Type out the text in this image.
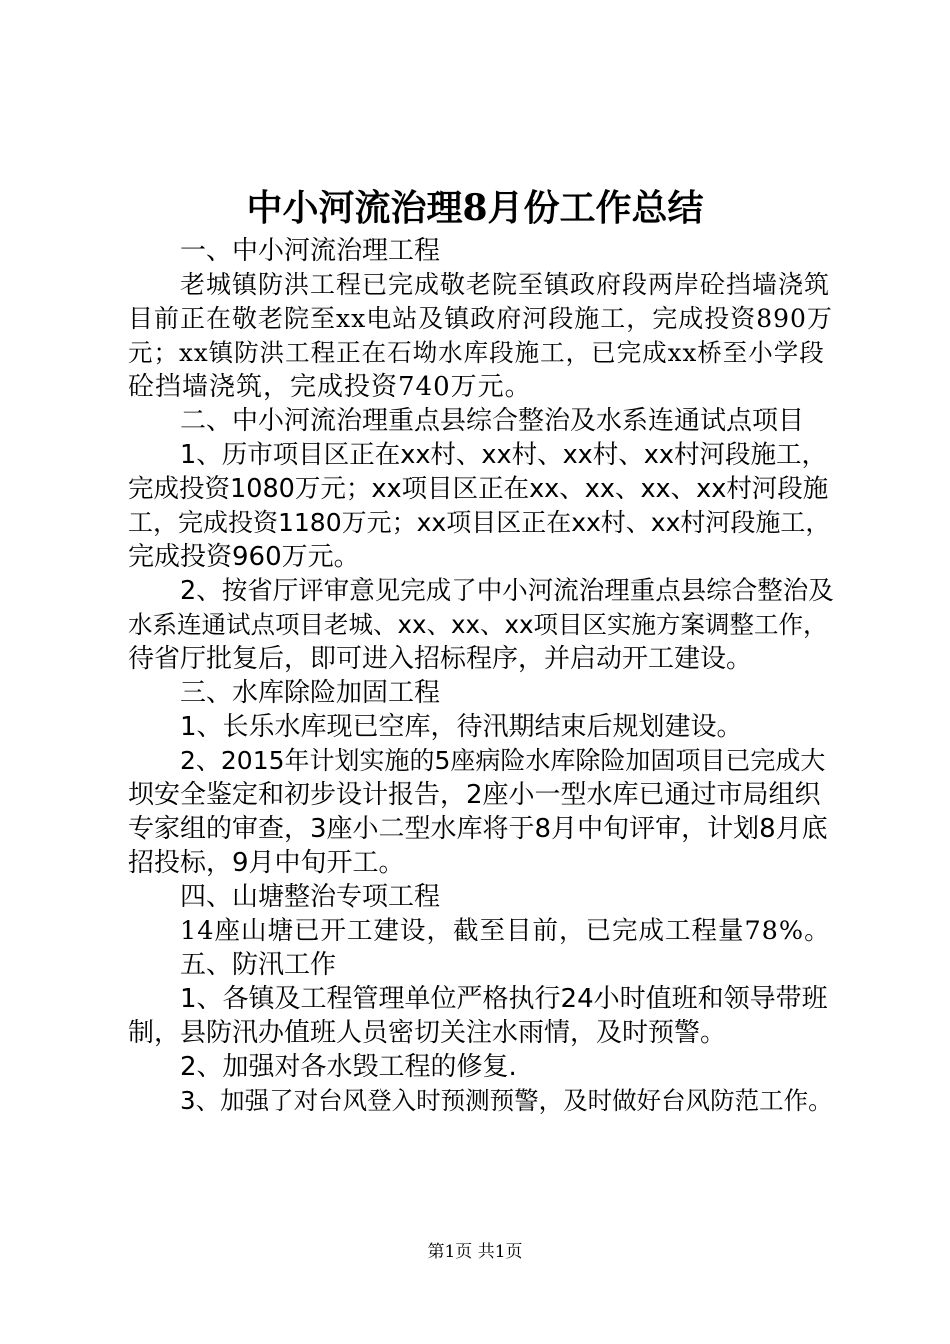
中小河流治理8月份工作总结
一、中小河流治理工程
老城镇防洪工程已完成敬老院至镇政府段两岸砼挡墙浇筑
目前正在敬老院至xx电站及镇政府河段施工，完成投资890万
元；xx镇防洪工程正在石坳水库段施工，已完成xx桥至小学段
砼挡墙浇筑，完成投资740万元。
二、中小河流治理重点县综合整治及水系连通试点项目
1、历市项目区正在xx村、xx村、xx村、xx村河段施工，
完成投资1080万元；xx项目区正在xx、xx、xx、xx村河段施
工，完成投资1180万元；xx项目区正在xx村、xx村河段施工，
完成投资960万元。
2、按省厅评审意见完成了中小河流治理重点县综合整治及
水系连通试点项目老城、xx、xx、xx项目区实施方案调整工作，
待省厅批复后，即可进入招标程序，并启动开工建设。
三、水库除险加固工程
1、长乐水库现已空库，待汛期结束后规划建设。
2、2015年计划实施的5座病险水库除险加固项目已完成大
坝安全鉴定和初步设计报告，2座小一型水库已通过市局组织
专家组的审查，3座小二型水库将于8月中旬评审，计划8月底
招投标，9月中旬开工。
四、山塘整治专项工程
14座山塘已开工建设，截至目前，已完成工程量78%。
五、防汛工作
1、各镇及工程管理单位严格执行24小时值班和领导带班
制，县防汛办值班人员密切关注水雨情，及时预警。
2、加强对各水毁工程的修复.
3、加强了对台风登入时预测预警，及时做好台风防范工作。
第1页 共1页
